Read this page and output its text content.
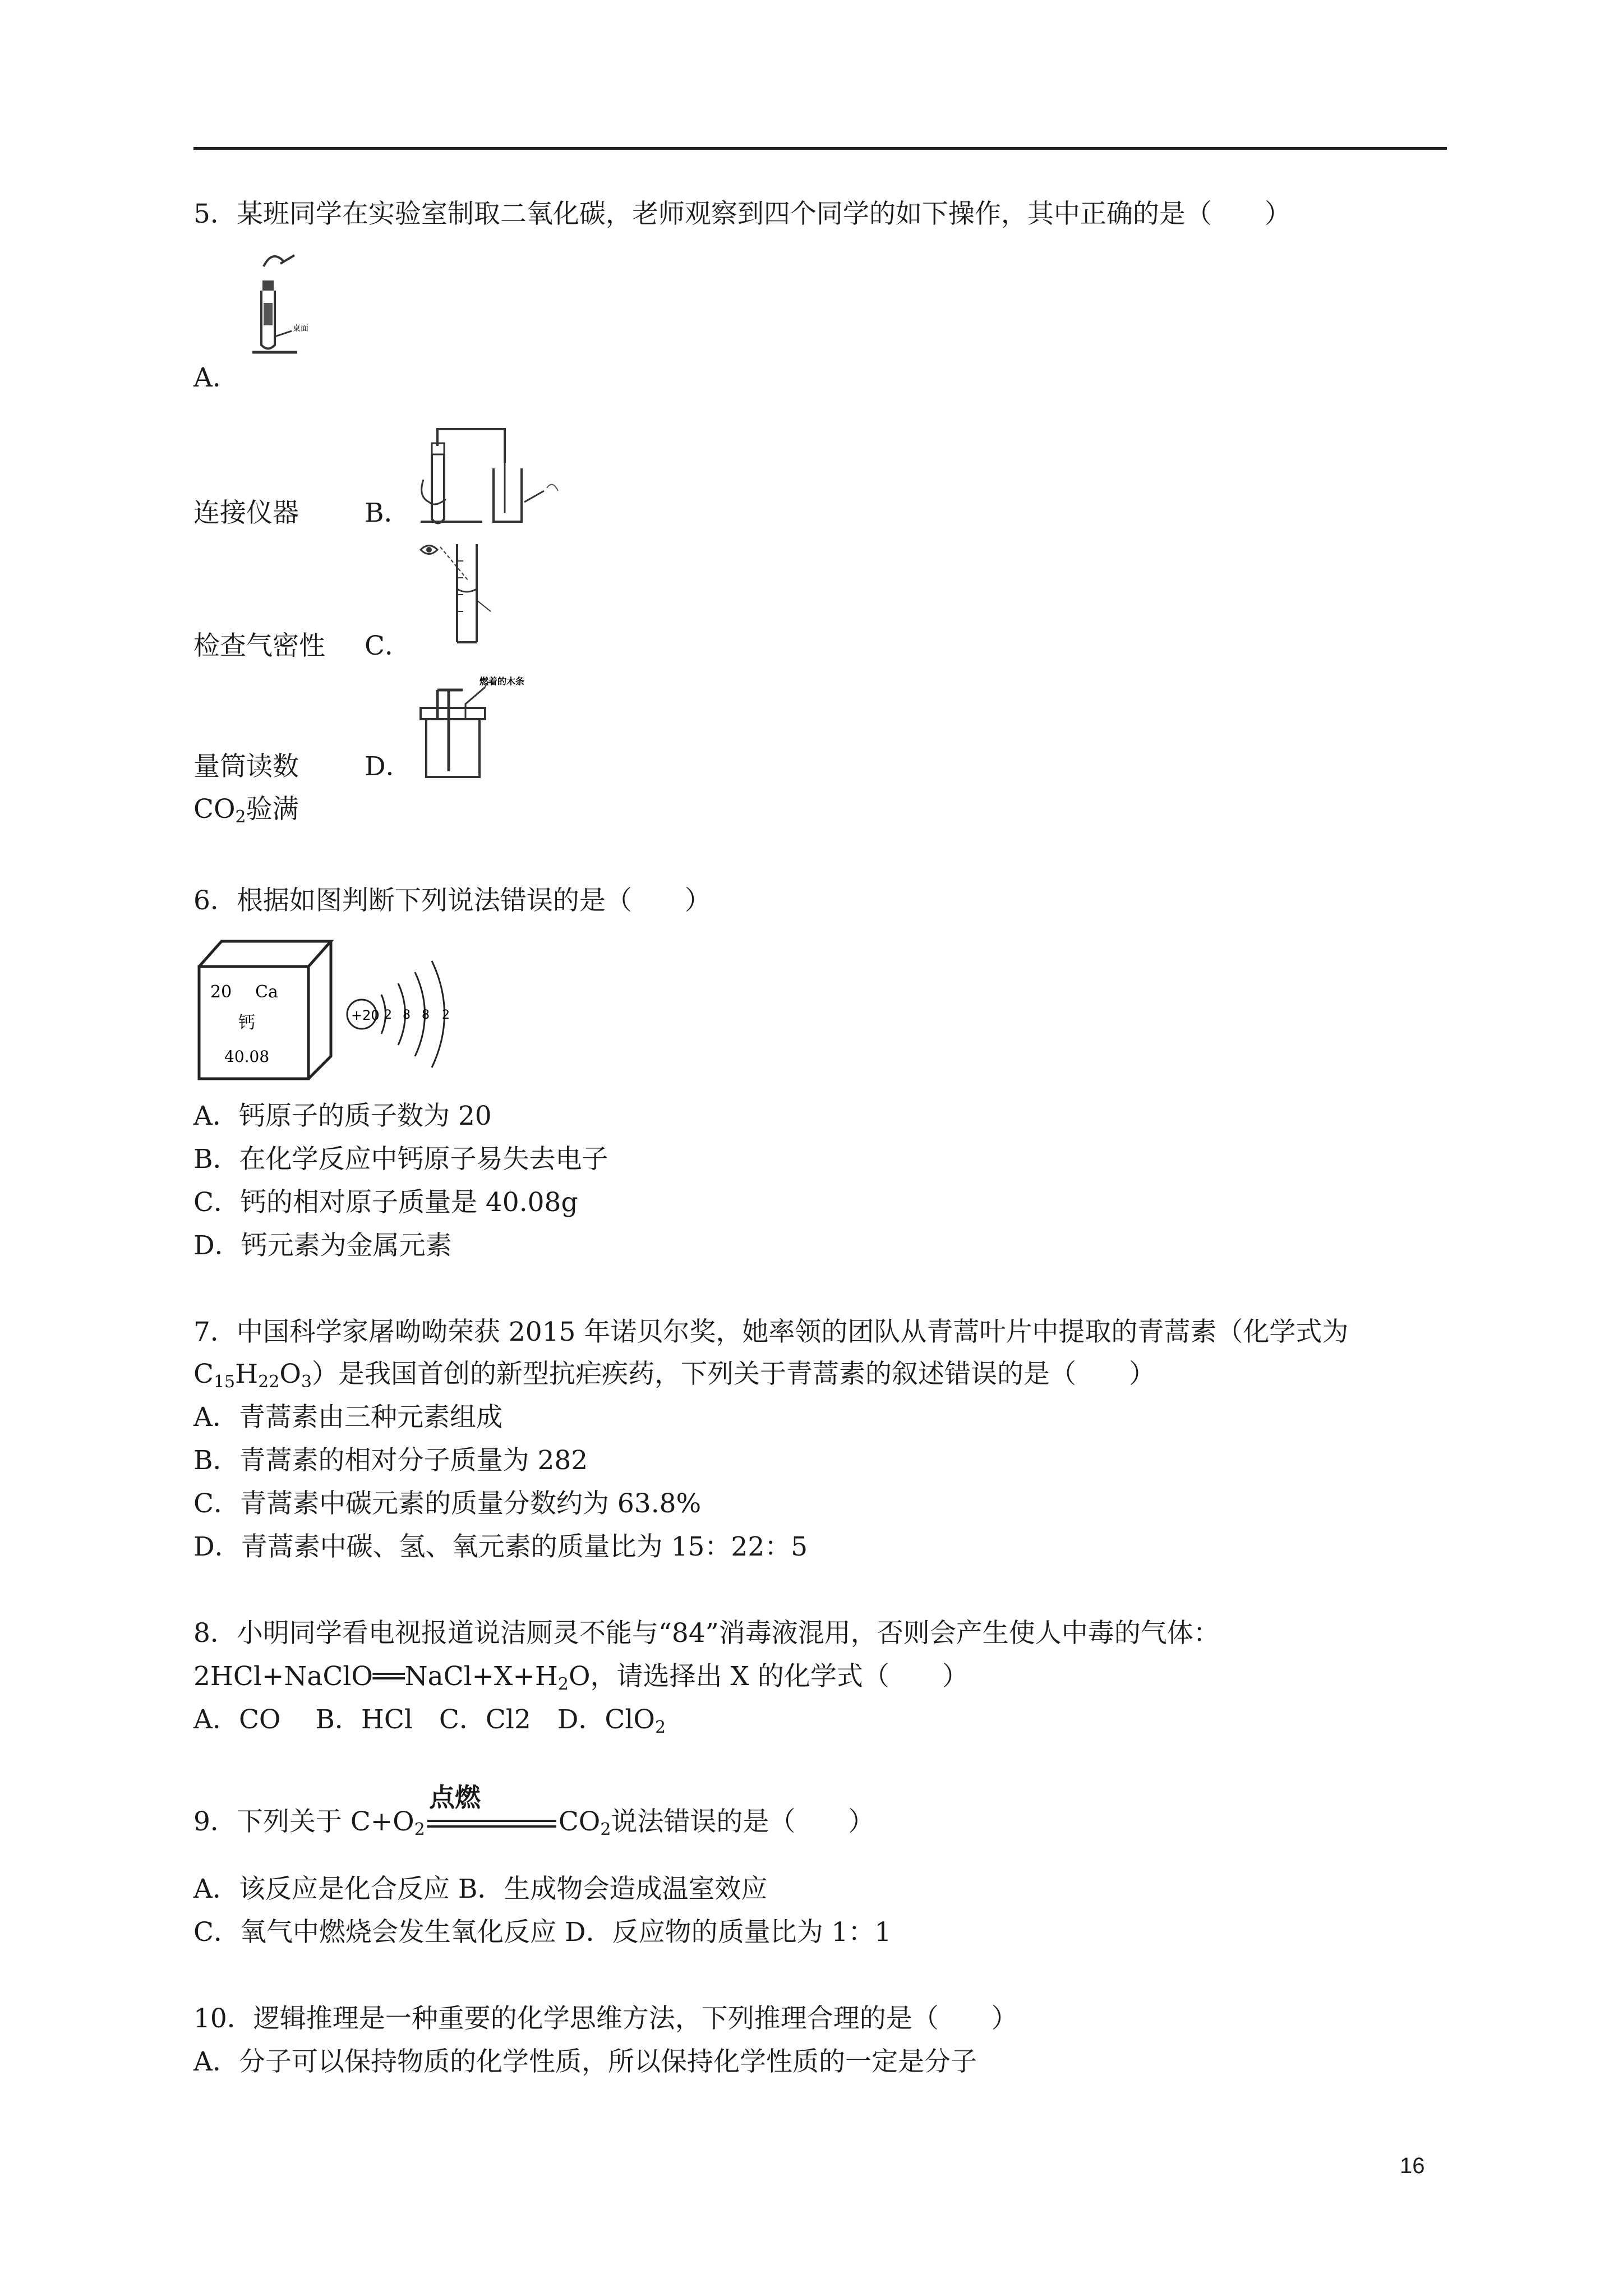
5．某班同学在实验室制取二氧化碳，老师观察到四个同学的如下操作，其中正确的是（　　）
桌面
A．
连接仪器 B．
检查气密性 C．
量筒读数 D．
$CO_2$验满
燃着的木条
6．根据如图判断下列说法错误的是（　　）
20 Ca
钙
40.08
+20 2 8 8 2
A．钙原子的质子数为 20
B．在化学反应中钙原子易失去电子
C．钙的相对原子质量是 40.08g
D．钙元素为金属元素
7．中国科学家屠呦呦荣获 2015 年诺贝尔奖，她率领的团队从青蒿叶片中提取的青蒿素（化学式为
$C_{15}H_{22}O_3$）是我国首创的新型抗疟疾药，下列关于青蒿素的叙述错误的是（　　）
A．青蒿素由三种元素组成
B．青蒿素的相对分子质量为 282
C．青蒿素中碳元素的质量分数约为 63.8%
D．青蒿素中碳、氢、氧元素的质量比为 15：22：5
8．小明同学看电视报道说洁厕灵不能与“84”消毒液混用，否则会产生使人中毒的气体：
$2HCl+NaClO══NaCl+X+H_2O$，请选择出 X 的化学式（　　）
A．CO　 B．HCl　C．Cl2　D．ClO$_2$
点燃
9．下列关于 $C+O_2$	$CO_2$说法错误的是（　　）
A．该反应是化合反应 B．生成物会造成温室效应
C．氧气中燃烧会发生氧化反应 D．反应物的质量比为 1：1
10．逻辑推理是一种重要的化学思维方法，下列推理合理的是（　　）
A．分子可以保持物质的化学性质，所以保持化学性质的一定是分子
16
